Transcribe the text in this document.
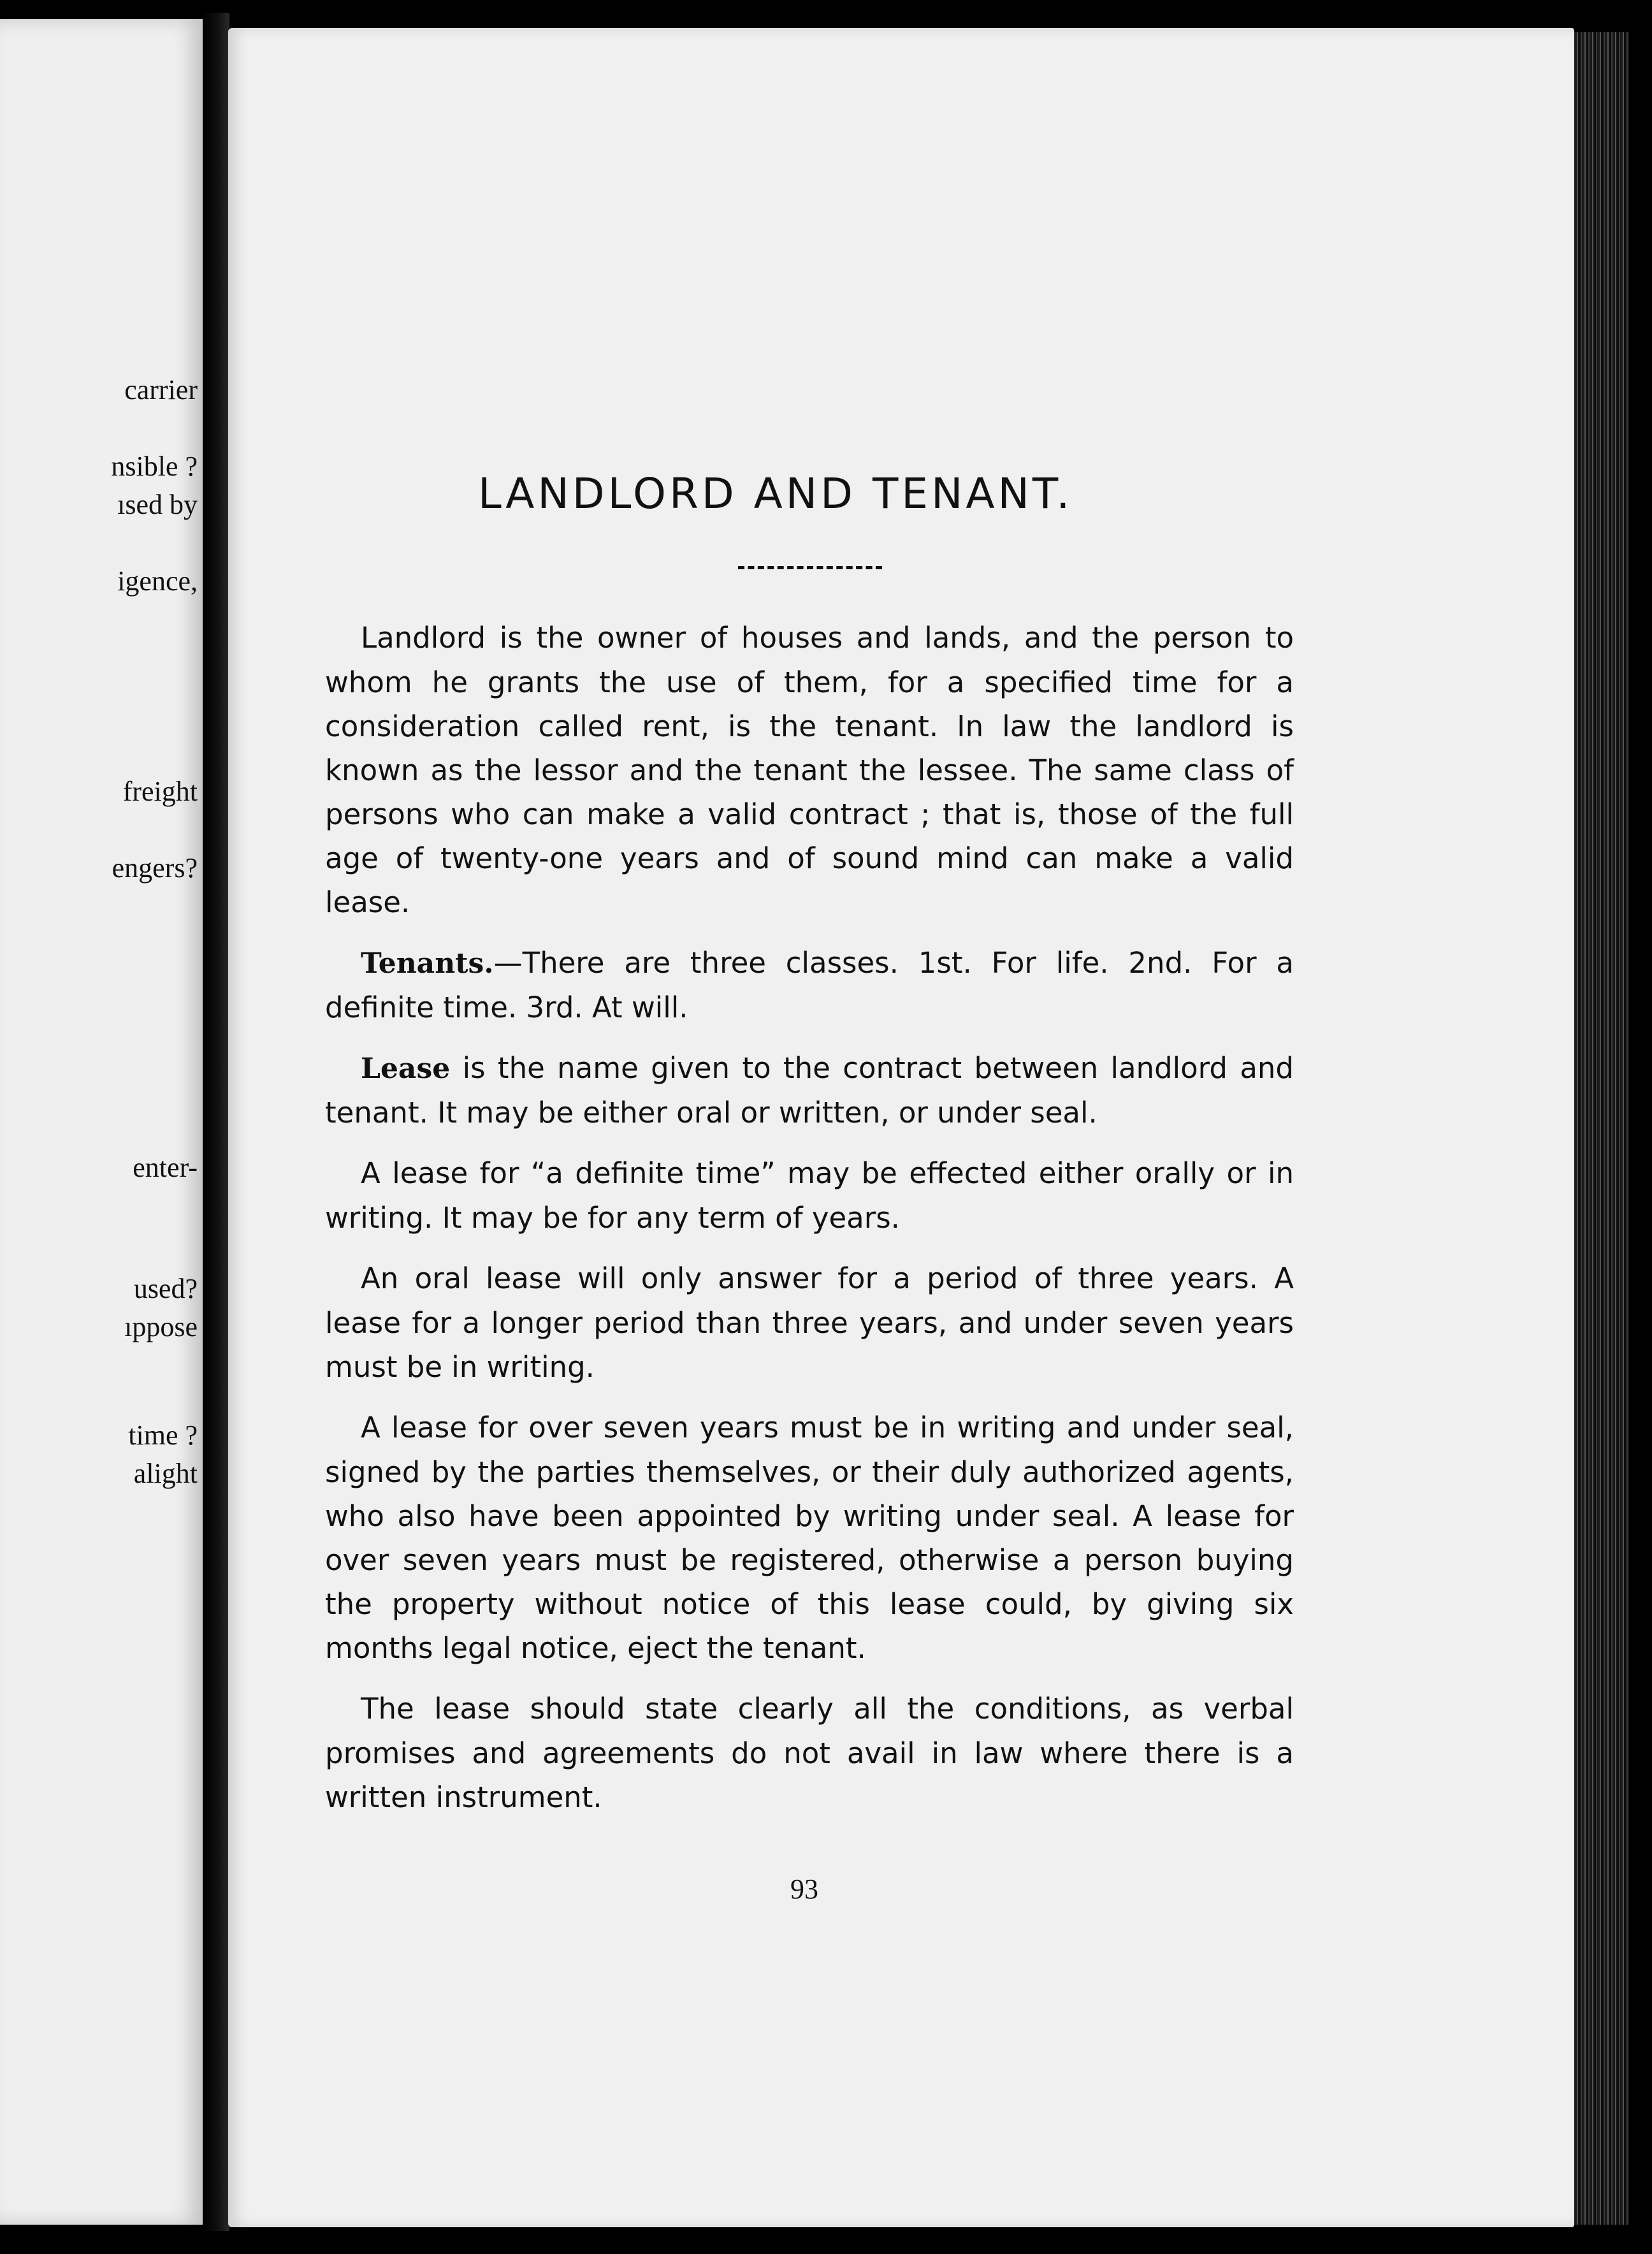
carrier
nsible ?
ısed by
igence,
freight
engers?
enter-
used?
ıppose
time ?
alight
LANDLORD AND TENANT.

Landlord is the owner of houses and lands, and the person to whom he grants the use of them, for a specified time for a consideration called rent, is the tenant. In law the landlord is known as the lessor and the tenant the lessee. The same class of persons who can make a valid contract ; that is, those of the full age of twenty-one years and of sound mind can make a valid lease.

Tenants.—There are three classes. 1st. For life. 2nd. For a definite time. 3rd. At will.

Lease is the name given to the contract between landlord and tenant. It may be either oral or written, or under seal.

A lease for “a definite time” may be effected either orally or in writing. It may be for any term of years.

An oral lease will only answer for a period of three years. A lease for a longer period than three years, and under seven years must be in writing.

A lease for over seven years must be in writing and under seal, signed by the parties themselves, or their duly authorized agents, who also have been appointed by writing under seal. A lease for over seven years must be registered, otherwise a person buying the property without notice of this lease could, by giving six months legal notice, eject the tenant.

The lease should state clearly all the conditions, as verbal promises and agreements do not avail in law where there is a written instrument.

93
